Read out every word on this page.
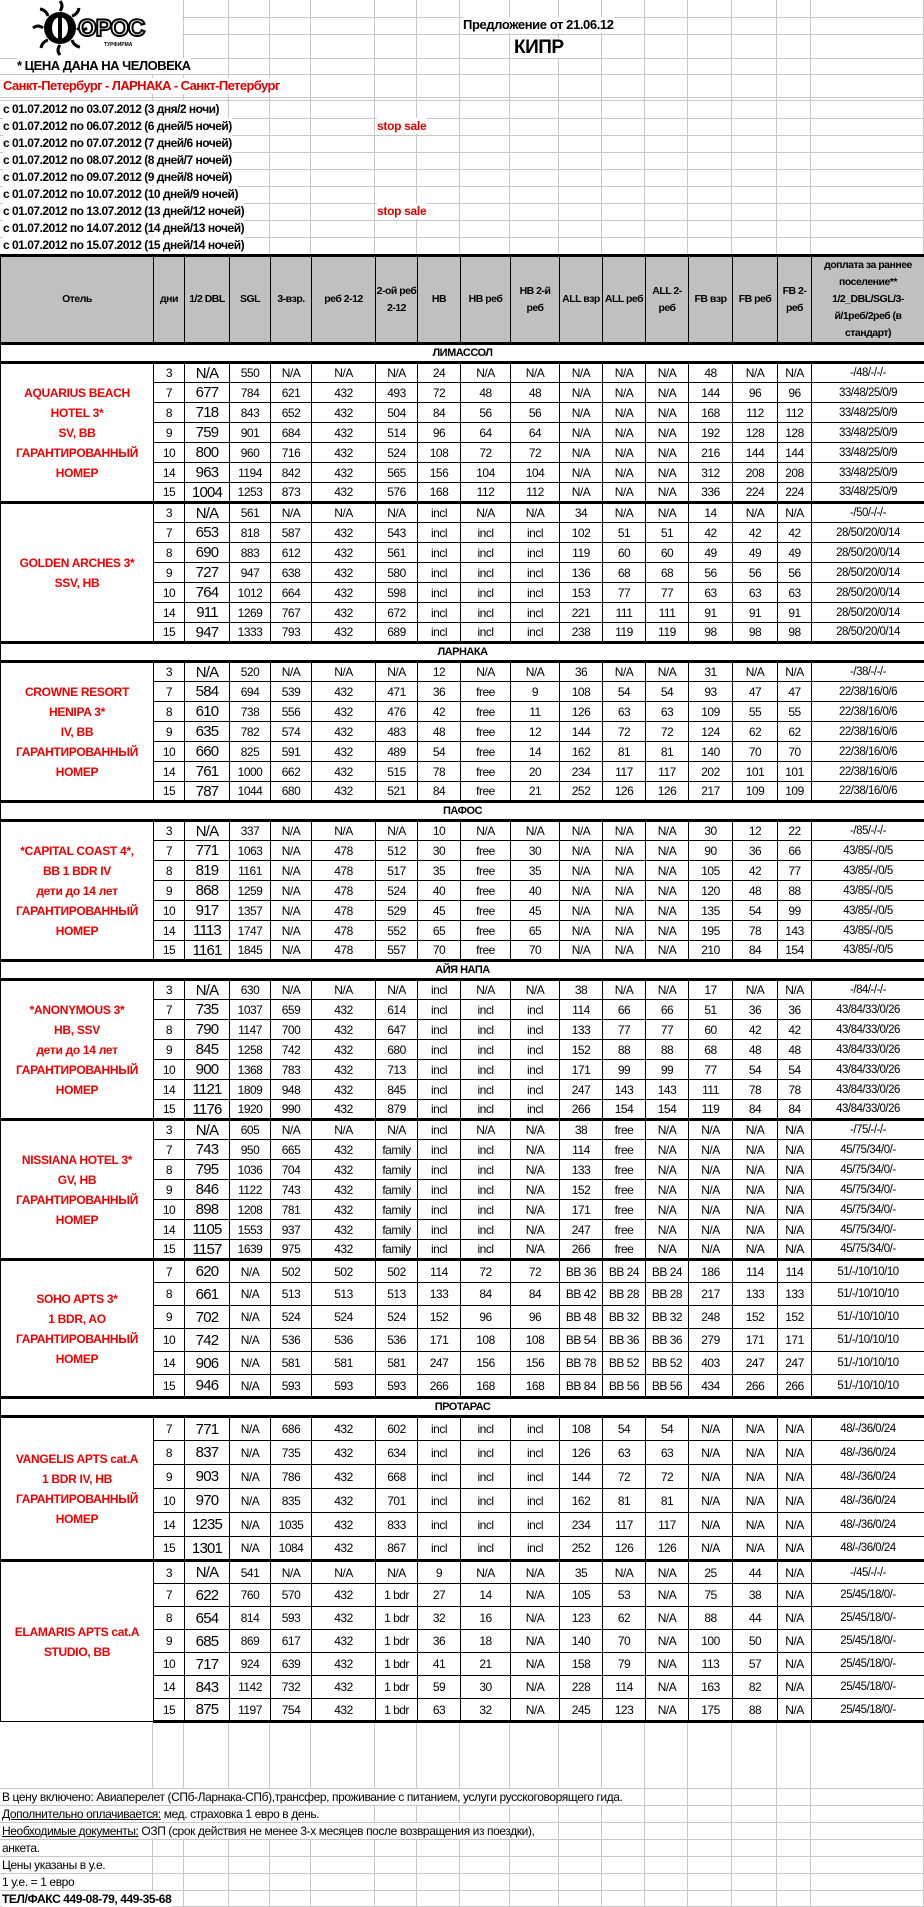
ОРОС
ТУРФИРМА
Предложение от 21.06.12
КИПР
* ЦЕНА ДАНА НА ЧЕЛОВЕКА
Санкт-Петербург - ЛАРНАКА - Санкт-Петербург
с 01.07.2012 по 03.07.2012 (3 дня/2 ночи)
с 01.07.2012 по 06.07.2012 (6 дней/5 ночей)	stop sale
с 01.07.2012 по 07.07.2012 (7 дней/6 ночей)
с 01.07.2012 по 08.07.2012 (8 дней/7 ночей)
с 01.07.2012 по 09.07.2012 (9 дней/8 ночей)
с 01.07.2012 по 10.07.2012 (10 дней/9 ночей)
с 01.07.2012 по 13.07.2012 (13 дней/12 ночей)	stop sale
с 01.07.2012 по 14.07.2012 (14 дней/13 ночей)
с 01.07.2012 по 15.07.2012 (15 дней/14 ночей)
Отель	дни	1/2 DBL	SGL	3-взр.	реб 2-12	2-ой реб 2-12	HB	HB реб	HB 2-й реб	ALL взр	ALL реб	ALL 2-реб	FB взр	FB реб	FB 2-реб	доплата за раннее поселение** 1/2_DBL/SGL/3-й/1реб/2реб (в стандарт)
ЛИМАССОЛ																
AQUARIUS BEACH
HOTEL 3*
SV, BB
ГАРАНТИРОВАННЫЙ
НОМЕР	3	N/A	550	N/A	N/A	N/A	24	N/A	N/A	N/A	N/A	N/A	48	N/A	N/A	-/48/-/-/-
	7	677	784	621	432	493	72	48	48	N/A	N/A	N/A	144	96	96	33/48/25/0/9
	8	718	843	652	432	504	84	56	56	N/A	N/A	N/A	168	112	112	33/48/25/0/9
	9	759	901	684	432	514	96	64	64	N/A	N/A	N/A	192	128	128	33/48/25/0/9
	10	800	960	716	432	524	108	72	72	N/A	N/A	N/A	216	144	144	33/48/25/0/9
	14	963	1194	842	432	565	156	104	104	N/A	N/A	N/A	312	208	208	33/48/25/0/9
	15	1004	1253	873	432	576	168	112	112	N/A	N/A	N/A	336	224	224	33/48/25/0/9
GOLDEN ARCHES 3*
SSV, HB	3	N/A	561	N/A	N/A	N/A	incl	N/A	N/A	34	N/A	N/A	14	N/A	N/A	-/50/-/-/-
	7	653	818	587	432	543	incl	incl	incl	102	51	51	42	42	42	28/50/20/0/14
	8	690	883	612	432	561	incl	incl	incl	119	60	60	49	49	49	28/50/20/0/14
	9	727	947	638	432	580	incl	incl	incl	136	68	68	56	56	56	28/50/20/0/14
	10	764	1012	664	432	598	incl	incl	incl	153	77	77	63	63	63	28/50/20/0/14
	14	911	1269	767	432	672	incl	incl	incl	221	111	111	91	91	91	28/50/20/0/14
	15	947	1333	793	432	689	incl	incl	incl	238	119	119	98	98	98	28/50/20/0/14
ЛАРНАКА																
CROWNE RESORT
HENIPA 3*
IV, BB
ГАРАНТИРОВАННЫЙ
НОМЕР	3	N/A	520	N/A	N/A	N/A	12	N/A	N/A	36	N/A	N/A	31	N/A	N/A	-/38/-/-/-
	7	584	694	539	432	471	36	free	9	108	54	54	93	47	47	22/38/16/0/6
	8	610	738	556	432	476	42	free	11	126	63	63	109	55	55	22/38/16/0/6
	9	635	782	574	432	483	48	free	12	144	72	72	124	62	62	22/38/16/0/6
	10	660	825	591	432	489	54	free	14	162	81	81	140	70	70	22/38/16/0/6
	14	761	1000	662	432	515	78	free	20	234	117	117	202	101	101	22/38/16/0/6
	15	787	1044	680	432	521	84	free	21	252	126	126	217	109	109	22/38/16/0/6
ПАФОС																
*CAPITAL COAST 4*,
BB 1 BDR IV
дети до 14 лет
ГАРАНТИРОВАННЫЙ
НОМЕР	3	N/A	337	N/A	N/A	N/A	10	N/A	N/A	N/A	N/A	N/A	30	12	22	-/85/-/-/-
	7	771	1063	N/A	478	512	30	free	30	N/A	N/A	N/A	90	36	66	43/85/-/0/5
	8	819	1161	N/A	478	517	35	free	35	N/A	N/A	N/A	105	42	77	43/85/-/0/5
	9	868	1259	N/A	478	524	40	free	40	N/A	N/A	N/A	120	48	88	43/85/-/0/5
	10	917	1357	N/A	478	529	45	free	45	N/A	N/A	N/A	135	54	99	43/85/-/0/5
	14	1113	1747	N/A	478	552	65	free	65	N/A	N/A	N/A	195	78	143	43/85/-/0/5
	15	1161	1845	N/A	478	557	70	free	70	N/A	N/A	N/A	210	84	154	43/85/-/0/5
АЙЯ НАПА																
*ANONYMOUS 3*
HB, SSV
дети до 14 лет
ГАРАНТИРОВАННЫЙ
НОМЕР	3	N/A	630	N/A	N/A	N/A	incl	N/A	N/A	38	N/A	N/A	17	N/A	N/A	-/84/-/-/-
	7	735	1037	659	432	614	incl	incl	incl	114	66	66	51	36	36	43/84/33/0/26
	8	790	1147	700	432	647	incl	incl	incl	133	77	77	60	42	42	43/84/33/0/26
	9	845	1258	742	432	680	incl	incl	incl	152	88	88	68	48	48	43/84/33/0/26
	10	900	1368	783	432	713	incl	incl	incl	171	99	99	77	54	54	43/84/33/0/26
	14	1121	1809	948	432	845	incl	incl	incl	247	143	143	111	78	78	43/84/33/0/26
	15	1176	1920	990	432	879	incl	incl	incl	266	154	154	119	84	84	43/84/33/0/26
NISSIANA HOTEL 3*
GV, HB
ГАРАНТИРОВАННЫЙ
НОМЕР	3	N/A	605	N/A	N/A	N/A	incl	N/A	N/A	38	free	N/A	N/A	N/A	N/A	-/75/-/-/-
	7	743	950	665	432	family	incl	incl	N/A	114	free	N/A	N/A	N/A	N/A	45/75/34/0/-
	8	795	1036	704	432	family	incl	incl	N/A	133	free	N/A	N/A	N/A	N/A	45/75/34/0/-
	9	846	1122	743	432	family	incl	incl	N/A	152	free	N/A	N/A	N/A	N/A	45/75/34/0/-
	10	898	1208	781	432	family	incl	incl	N/A	171	free	N/A	N/A	N/A	N/A	45/75/34/0/-
	14	1105	1553	937	432	family	incl	incl	N/A	247	free	N/A	N/A	N/A	N/A	45/75/34/0/-
	15	1157	1639	975	432	family	incl	incl	N/A	266	free	N/A	N/A	N/A	N/A	45/75/34/0/-
SOHO APTS 3*
1 BDR, AO
ГАРАНТИРОВАННЫЙ
НОМЕР	7	620	N/A	502	502	502	114	72	72	BB 36	BB 24	BB 24	186	114	114	51/-/10/10/10
	8	661	N/A	513	513	513	133	84	84	BB 42	BB 28	BB 28	217	133	133	51/-/10/10/10
	9	702	N/A	524	524	524	152	96	96	BB 48	BB 32	BB 32	248	152	152	51/-/10/10/10
	10	742	N/A	536	536	536	171	108	108	BB 54	BB 36	BB 36	279	171	171	51/-/10/10/10
	14	906	N/A	581	581	581	247	156	156	BB 78	BB 52	BB 52	403	247	247	51/-/10/10/10
	15	946	N/A	593	593	593	266	168	168	BB 84	BB 56	BB 56	434	266	266	51/-/10/10/10
ПРОТАРАС																
VANGELIS APTS cat.A
1 BDR IV, HB
ГАРАНТИРОВАННЫЙ
НОМЕР	7	771	N/A	686	432	602	incl	incl	incl	108	54	54	N/A	N/A	N/A	48/-/36/0/24
	8	837	N/A	735	432	634	incl	incl	incl	126	63	63	N/A	N/A	N/A	48/-/36/0/24
	9	903	N/A	786	432	668	incl	incl	incl	144	72	72	N/A	N/A	N/A	48/-/36/0/24
	10	970	N/A	835	432	701	incl	incl	incl	162	81	81	N/A	N/A	N/A	48/-/36/0/24
	14	1235	N/A	1035	432	833	incl	incl	incl	234	117	117	N/A	N/A	N/A	48/-/36/0/24
	15	1301	N/A	1084	432	867	incl	incl	incl	252	126	126	N/A	N/A	N/A	48/-/36/0/24
ELAMARIS APTS cat.A
STUDIO, BB	3	N/A	541	N/A	N/A	N/A	9	N/A	N/A	35	N/A	N/A	25	44	N/A	-/45/-/-/-
	7	622	760	570	432	1 bdr	27	14	N/A	105	53	N/A	75	38	N/A	25/45/18/0/-
	8	654	814	593	432	1 bdr	32	16	N/A	123	62	N/A	88	44	N/A	25/45/18/0/-
	9	685	869	617	432	1 bdr	36	18	N/A	140	70	N/A	100	50	N/A	25/45/18/0/-
	10	717	924	639	432	1 bdr	41	21	N/A	158	79	N/A	113	57	N/A	25/45/18/0/-
	14	843	1142	732	432	1 bdr	59	30	N/A	228	114	N/A	163	82	N/A	25/45/18/0/-
	15	875	1197	754	432	1 bdr	63	32	N/A	245	123	N/A	175	88	N/A	25/45/18/0/-
В цену включено: Авиаперелет (СПб-Ларнака-СПб),трансфер, проживание с питанием, услуги русскоговорящего гида.
Дополнительно оплачивается: мед. страховка 1 евро в день.
Необходимые документы: ОЗП (срок действия не менее 3-х месяцев после возвращения из поездки),
анкета.
Цены указаны в у.е.
1 у.е. = 1 евро
ТЕЛ/ФАКС 449-08-79, 449-35-68
